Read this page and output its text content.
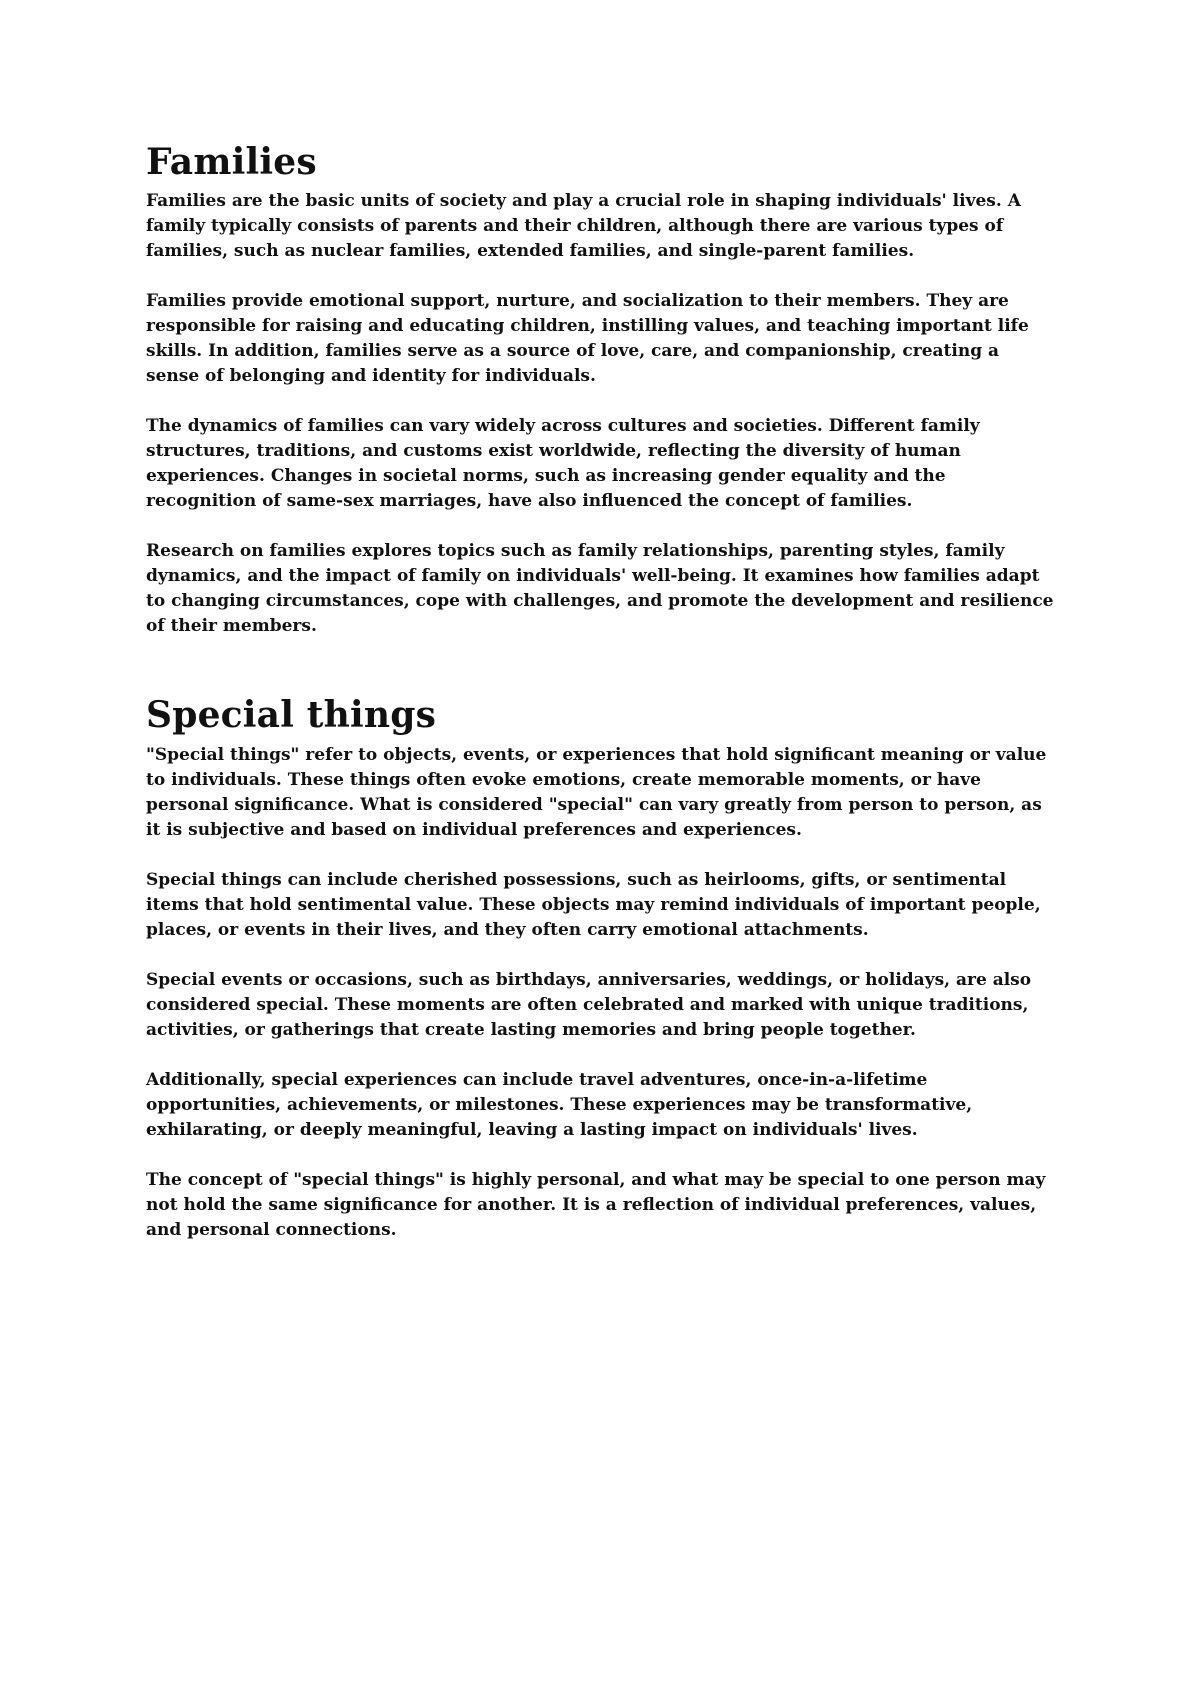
Families

Families are the basic units of society and play a crucial role in shaping individuals' lives. A family typically consists of parents and their children, although there are various types of families, such as nuclear families, extended families, and single-parent families.

Families provide emotional support, nurture, and socialization to their members. They are responsible for raising and educating children, instilling values, and teaching important life skills. In addition, families serve as a source of love, care, and companionship, creating a sense of belonging and identity for individuals.

The dynamics of families can vary widely across cultures and societies. Different family structures, traditions, and customs exist worldwide, reflecting the diversity of human experiences. Changes in societal norms, such as increasing gender equality and the recognition of same-sex marriages, have also influenced the concept of families.

Research on families explores topics such as family relationships, parenting styles, family dynamics, and the impact of family on individuals' well-being. It examines how families adapt to changing circumstances, cope with challenges, and promote the development and resilience of their members.

Special things

"Special things" refer to objects, events, or experiences that hold significant meaning or value to individuals. These things often evoke emotions, create memorable moments, or have personal significance. What is considered "special" can vary greatly from person to person, as it is subjective and based on individual preferences and experiences.

Special things can include cherished possessions, such as heirlooms, gifts, or sentimental items that hold sentimental value. These objects may remind individuals of important people, places, or events in their lives, and they often carry emotional attachments.

Special events or occasions, such as birthdays, anniversaries, weddings, or holidays, are also considered special. These moments are often celebrated and marked with unique traditions, activities, or gatherings that create lasting memories and bring people together.

Additionally, special experiences can include travel adventures, once-in-a-lifetime opportunities, achievements, or milestones. These experiences may be transformative, exhilarating, or deeply meaningful, leaving a lasting impact on individuals' lives.

The concept of "special things" is highly personal, and what may be special to one person may not hold the same significance for another. It is a reflection of individual preferences, values, and personal connections.
